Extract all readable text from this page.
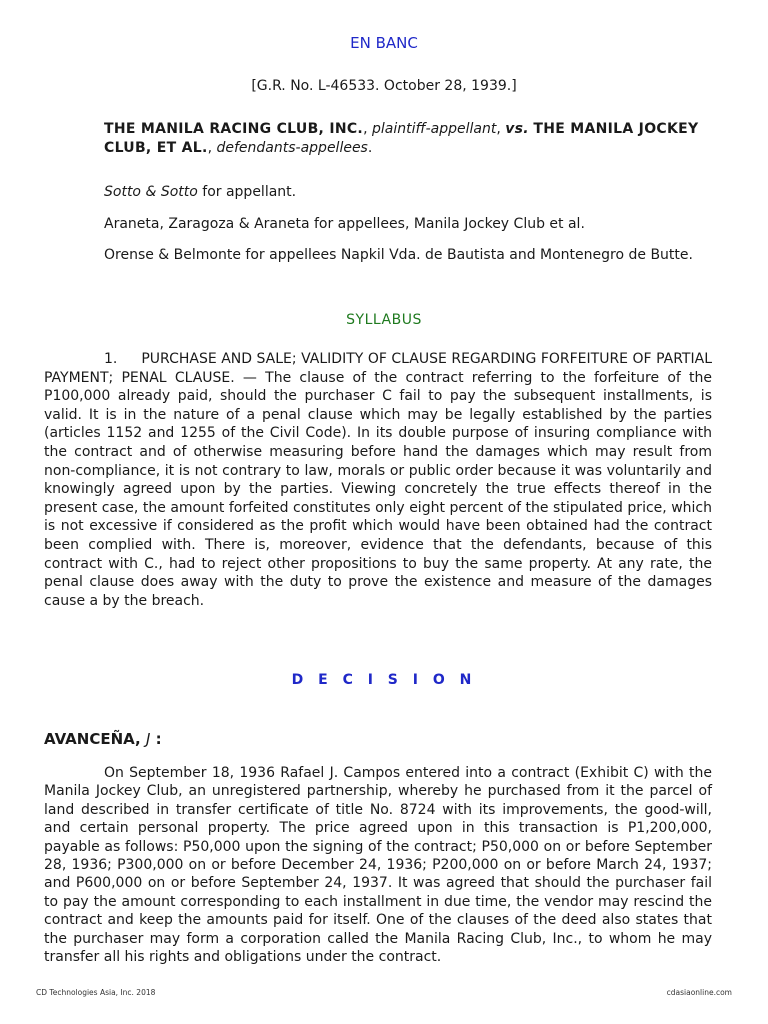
EN BANC
[G.R. No. L-46533. October 28, 1939.]
THE MANILA RACING CLUB, INC., plaintiff-appellant, vs. THE MANILA JOCKEY CLUB, ET AL., defendants-appellees.
Sotto & Sotto for appellant.
Araneta, Zaragoza & Araneta for appellees, Manila Jockey Club et al.
Orense & Belmonte for appellees Napkil Vda. de Bautista and Montenegro de Butte.
SYLLABUS
1. PURCHASE AND SALE; VALIDITY OF CLAUSE REGARDING FORFEITURE OF PARTIAL PAYMENT; PENAL CLAUSE. — The clause of the contract referring to the forfeiture of the P100,000 already paid, should the purchaser C fail to pay the subsequent installments, is valid. It is in the nature of a penal clause which may be legally established by the parties (articles 1152 and 1255 of the Civil Code). In its double purpose of insuring compliance with the contract and of otherwise measuring before hand the damages which may result from non-compliance, it is not contrary to law, morals or public order because it was voluntarily and knowingly agreed upon by the parties. Viewing concretely the true effects thereof in the present case, the amount forfeited constitutes only eight percent of the stipulated price, which is not excessive if considered as the profit which would have been obtained had the contract been complied with. There is, moreover, evidence that the defendants, because of this contract with C., had to reject other propositions to buy the same property. At any rate, the penal clause does away with the duty to prove the existence and measure of the damages cause a by the breach.
D E C I S I O N
AVANCEÑA, J :
On September 18, 1936 Rafael J. Campos entered into a contract (Exhibit C) with the Manila Jockey Club, an unregistered partnership, whereby he purchased from it the parcel of land described in transfer certificate of title No. 8724 with its improvements, the good-will, and certain personal property. The price agreed upon in this transaction is P1,200,000, payable as follows: P50,000 upon the signing of the contract; P50,000 on or before September 28, 1936; P300,000 on or before December 24, 1936; P200,000 on or before March 24, 1937; and P600,000 on or before September 24, 1937. It was agreed that should the purchaser fail to pay the amount corresponding to each installment in due time, the vendor may rescind the contract and keep the amounts paid for itself. One of the clauses of the deed also states that the purchaser may form a corporation called the Manila Racing Club, Inc., to whom he may transfer all his rights and obligations under the contract.
CD Technologies Asia, Inc. 2018	cdasiaonline.com
